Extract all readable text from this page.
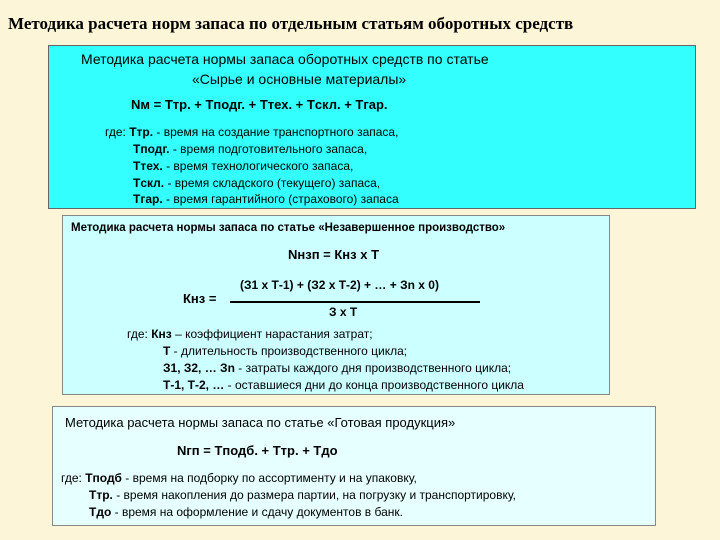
Методика расчета норм запаса по отдельным статьям оборотных средств
Методика расчета нормы запаса оборотных средств по статье
«Сырье и основные материалы»
Nм = Tтр. + Tподг. + Tтех. + Tскл. + Tгар.
где: Tтр. - время на создание транспортного запаса,
Tподг. - время подготовительного запаса,
Tтех. - время технологического запаса,
Tскл. - время складского (текущего) запаса,
Tгар. - время гарантийного (страхового) запаса
Методика расчета нормы запаса по статье «Незавершенное производство»
Nнзп = Кнз х Т
(З1 х Т-1) + (З2 х Т-2) + … + Зn х 0)
Кнз =
З х Т
где: Кнз – коэффициент нарастания затрат;
Т - длительность производственного цикла;
З1, З2, … Зn - затраты каждого дня производственного цикла;
Т-1, Т-2, … - оставшиеся дни до конца производственного цикла
Методика расчета нормы запаса по статье «Готовая продукция»
Nгп = Tподб. + Tтр. + Tдо
где: Tподб - время на подборку по ассортименту и на упаковку,
Tтр. - время накопления до размера партии, на погрузку и транспортировку,
Tдо - время на оформление и сдачу документов в банк.
